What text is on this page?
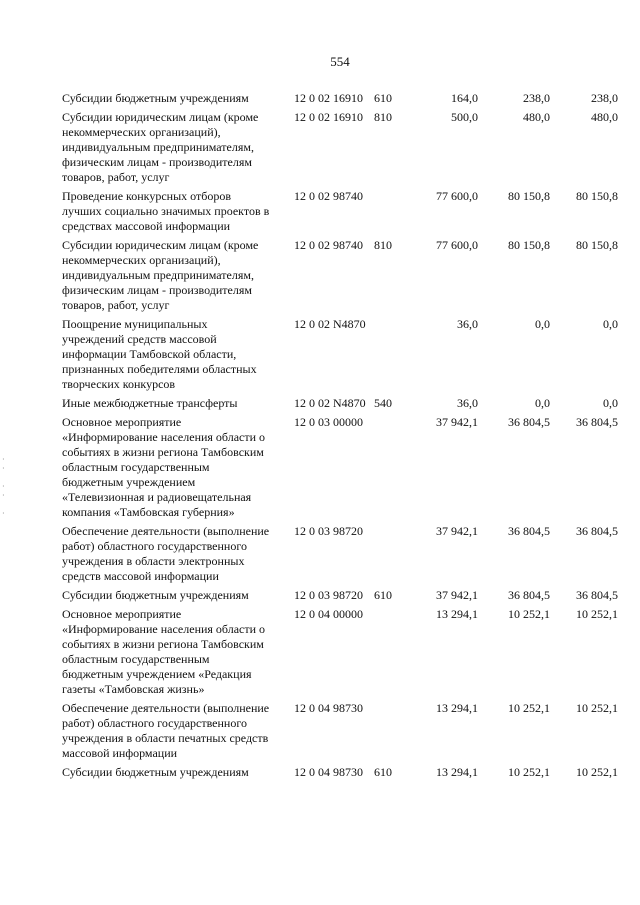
554
·
·

·
·

·
Субсидии бюджетным учреждениям	12 0 02 16910 610	164,0	238,0	238,0
Субсидии юридическим лицам (кроме
некоммерческих организаций),
индивидуальным предпринимателям,
физическим лицам - производителям
товаров, работ, услуг
12 0 02 16910 810	500,0	480,0	480,0
Проведение конкурсных отборов
лучших социально значимых проектов в
средствах массовой информации
12 0 02 98740	77 600,0	80 150,8	80 150,8
Субсидии юридическим лицам (кроме
некоммерческих организаций),
индивидуальным предпринимателям,
физическим лицам - производителям
товаров, работ, услуг
12 0 02 98740 810	77 600,0	80 150,8	80 150,8
Поощрение муниципальных
учреждений средств массовой
информации Тамбовской области,
признанных победителями областных
творческих конкурсов
12 0 02 N4870	36,0	0,0	0,0
Иные межбюджетные трансферты	12 0 02 N4870 540	36,0	0,0	0,0
Основное мероприятие
«Информирование населения области о
событиях в жизни региона Тамбовским
областным государственным
бюджетным учреждением
«Телевизионная и радиовещательная
компания «Тамбовская губерния»
12 0 03 00000	37 942,1	36 804,5	36 804,5
Обеспечение деятельности (выполнение
работ) областного государственного
учреждения в области электронных
средств массовой информации
12 0 03 98720	37 942,1	36 804,5	36 804,5
Субсидии бюджетным учреждениям	12 0 03 98720 610	37 942,1	36 804,5	36 804,5
Основное мероприятие
«Информирование населения области о
событиях в жизни региона Тамбовским
областным государственным
бюджетным учреждением «Редакция
газеты «Тамбовская жизнь»
12 0 04 00000	13 294,1	10 252,1	10 252,1
Обеспечение деятельности (выполнение
работ) областного государственного
учреждения в области печатных средств
массовой информации
12 0 04 98730	13 294,1	10 252,1	10 252,1
Субсидии бюджетным учреждениям	12 0 04 98730 610	13 294,1	10 252,1	10 252,1
